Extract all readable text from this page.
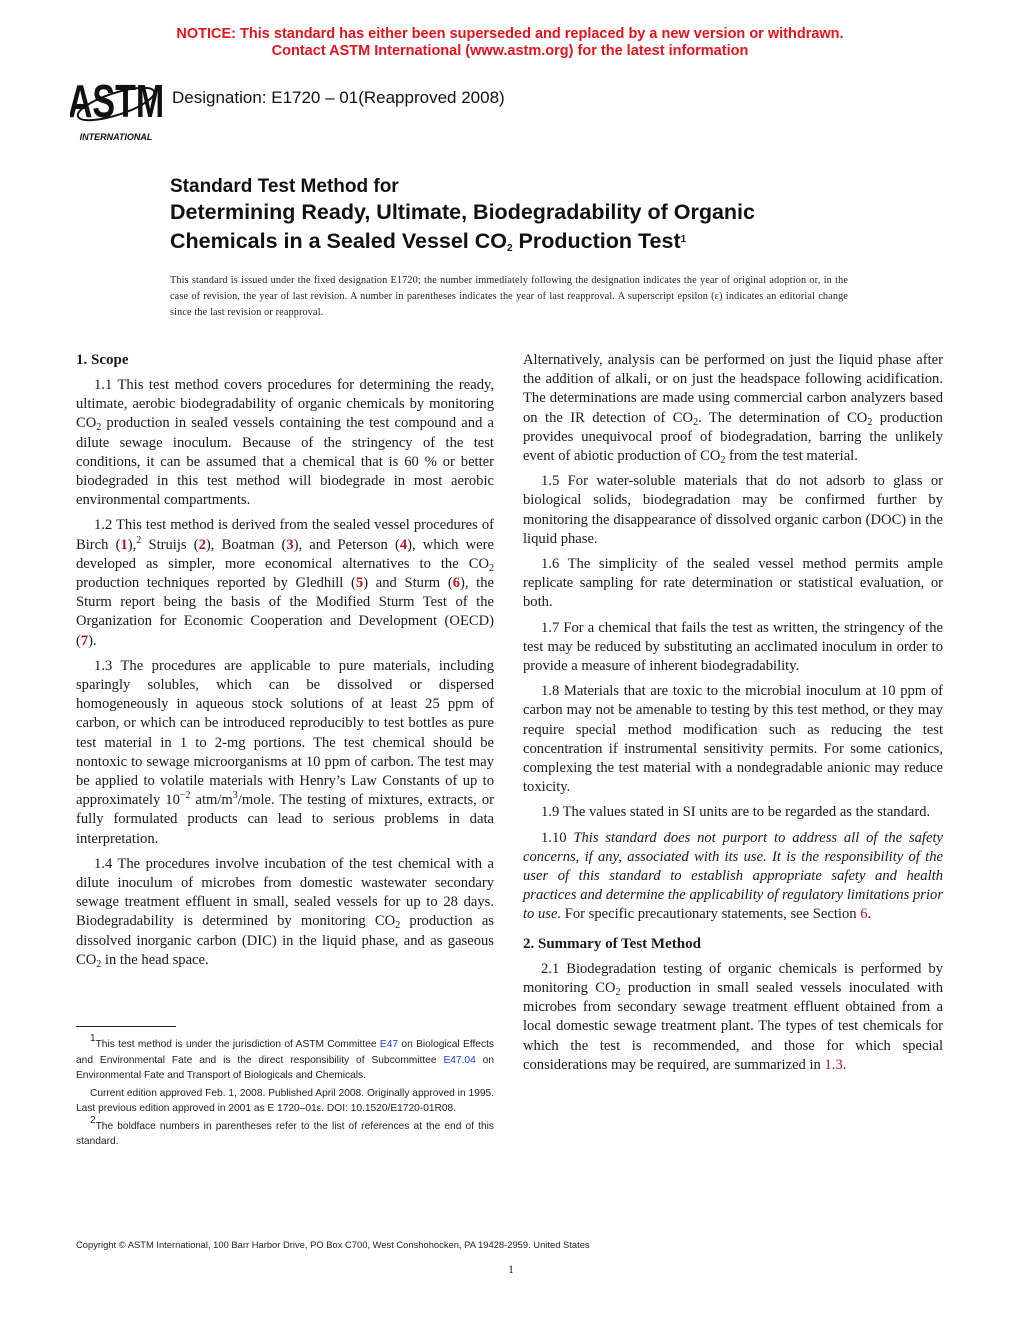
NOTICE: This standard has either been superseded and replaced by a new version or withdrawn.
Contact ASTM International (www.astm.org) for the latest information
ASTM
INTERNATIONAL
Designation: E1720 – 01(Reapproved 2008)
Standard Test Method for
Determining Ready, Ultimate, Biodegradability of Organic
Chemicals in a Sealed Vessel $CO_2$ Production Test$^1$
This standard is issued under the fixed designation E1720; the number immediately following the designation indicates the year of original adoption or, in the case of revision, the year of last revision. A number in parentheses indicates the year of last reapproval. A superscript epsilon (ε) indicates an editorial change since the last revision or reapproval.
1. Scope

1.1 This test method covers procedures for determining the ready, ultimate, aerobic biodegradability of organic chemicals by monitoring $CO_2$ production in sealed vessels containing the test compound and a dilute sewage inoculum. Because of the stringency of the test conditions, it can be assumed that a chemical that is 60 % or better biodegraded in this test method will biodegrade in most aerobic environmental compartments.

1.2 This test method is derived from the sealed vessel procedures of Birch (1),$^2$ Struijs (2), Boatman (3), and Peterson (4), which were developed as simpler, more economical alternatives to the $CO_2$ production techniques reported by Gledhill (5) and Sturm (6), the Sturm report being the basis of the Modified Sturm Test of the Organization for Economic Cooperation and Development (OECD) (7).

1.3 The procedures are applicable to pure materials, including sparingly solubles, which can be dissolved or dispersed homogeneously in aqueous stock solutions of at least 25 ppm of carbon, or which can be introduced reproducibly to test bottles as pure test material in 1 to 2-mg portions. The test chemical should be nontoxic to sewage microorganisms at 10 ppm of carbon. The test may be applied to volatile materials with Henry’s Law Constants of up to approximately $10^{-2}$ atm/$m^3$/mole. The testing of mixtures, extracts, or fully formulated products can lead to serious problems in data interpretation.

1.4 The procedures involve incubation of the test chemical with a dilute inoculum of microbes from domestic wastewater secondary sewage treatment effluent in small, sealed vessels for up to 28 days. Biodegradability is determined by monitoring $CO_2$ production as dissolved inorganic carbon (DIC) in the liquid phase, and as gaseous $CO_2$ in the head space.

$^1$This test method is under the jurisdiction of ASTM Committee E47 on Biological Effects and Environmental Fate and is the direct responsibility of Subcommittee E47.04 on Environmental Fate and Transport of Biologicals and Chemicals.

Current edition approved Feb. 1, 2008. Published April 2008. Originally approved in 1995. Last previous edition approved in 2001 as E 1720–01ε. DOI: 10.1520/E1720-01R08.

$^2$The boldface numbers in parentheses refer to the list of references at the end of this standard.

Alternatively, analysis can be performed on just the liquid phase after the addition of alkali, or on just the headspace following acidification. The determinations are made using commercial carbon analyzers based on the IR detection of $CO_2$. The determination of $CO_2$ production provides unequivocal proof of biodegradation, barring the unlikely event of abiotic production of $CO_2$ from the test material.

1.5 For water-soluble materials that do not adsorb to glass or biological solids, biodegradation may be confirmed further by monitoring the disappearance of dissolved organic carbon (DOC) in the liquid phase.

1.6 The simplicity of the sealed vessel method permits ample replicate sampling for rate determination or statistical evaluation, or both.

1.7 For a chemical that fails the test as written, the stringency of the test may be reduced by substituting an acclimated inoculum in order to provide a measure of inherent biodegradability.

1.8 Materials that are toxic to the microbial inoculum at 10 ppm of carbon may not be amenable to testing by this test method, or they may require special method modification such as reducing the test concentration if instrumental sensitivity permits. For some cationics, complexing the test material with a nondegradable anionic may reduce toxicity.

1.9 The values stated in SI units are to be regarded as the standard.

1.10 This standard does not purport to address all of the safety concerns, if any, associated with its use. It is the responsibility of the user of this standard to establish appropriate safety and health practices and determine the applicability of regulatory limitations prior to use. For specific precautionary statements, see Section 6.

2. Summary of Test Method

2.1 Biodegradation testing of organic chemicals is performed by monitoring $CO_2$ production in small sealed vessels inoculated with microbes from secondary sewage treatment effluent obtained from a local domestic sewage treatment plant. The types of test chemicals for which the test is recommended, and those for which special considerations may be required, are summarized in 1.3.

Copyright © ASTM International, 100 Barr Harbor Drive, PO Box C700, West Conshohocken, PA 19428-2959. United States
1
